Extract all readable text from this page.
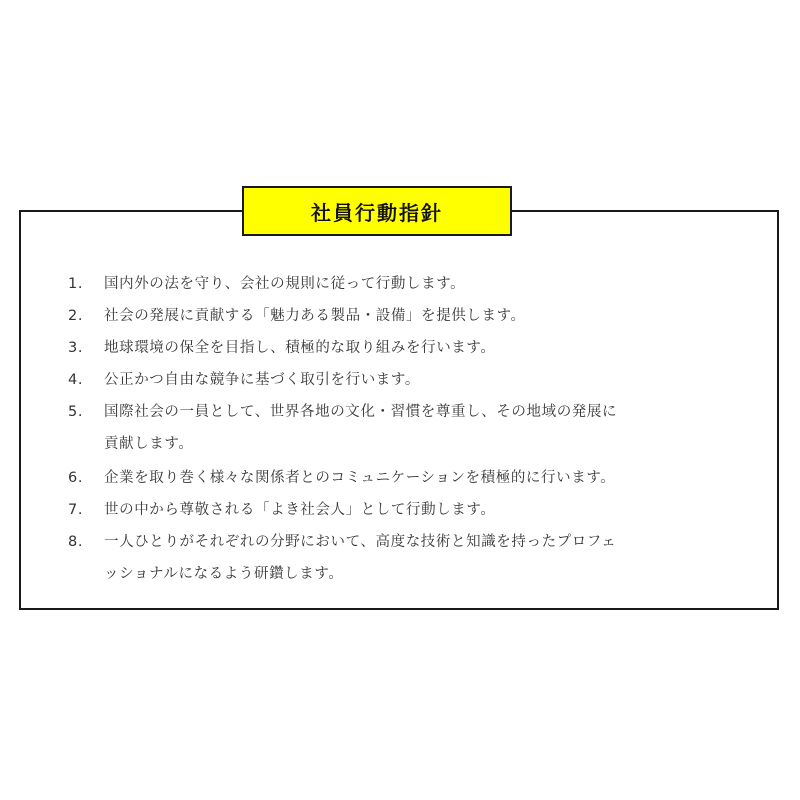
社員行動指針
1.	国内外の法を守り、会社の規則に従って行動します。
2.	社会の発展に貢献する「魅力ある製品・設備」を提供します。
3.	地球環境の保全を目指し、積極的な取り組みを行います。
4.	公正かつ自由な競争に基づく取引を行います。
5.	国際社会の一員として、世界各地の文化・習慣を尊重し、その地域の発展に
貢献します。
6.	企業を取り巻く様々な関係者とのコミュニケーションを積極的に行います。
7.	世の中から尊敬される「よき社会人」として行動します。
8.	一人ひとりがそれぞれの分野において、高度な技術と知識を持ったプロフェ
ッショナルになるよう研鑽します。
